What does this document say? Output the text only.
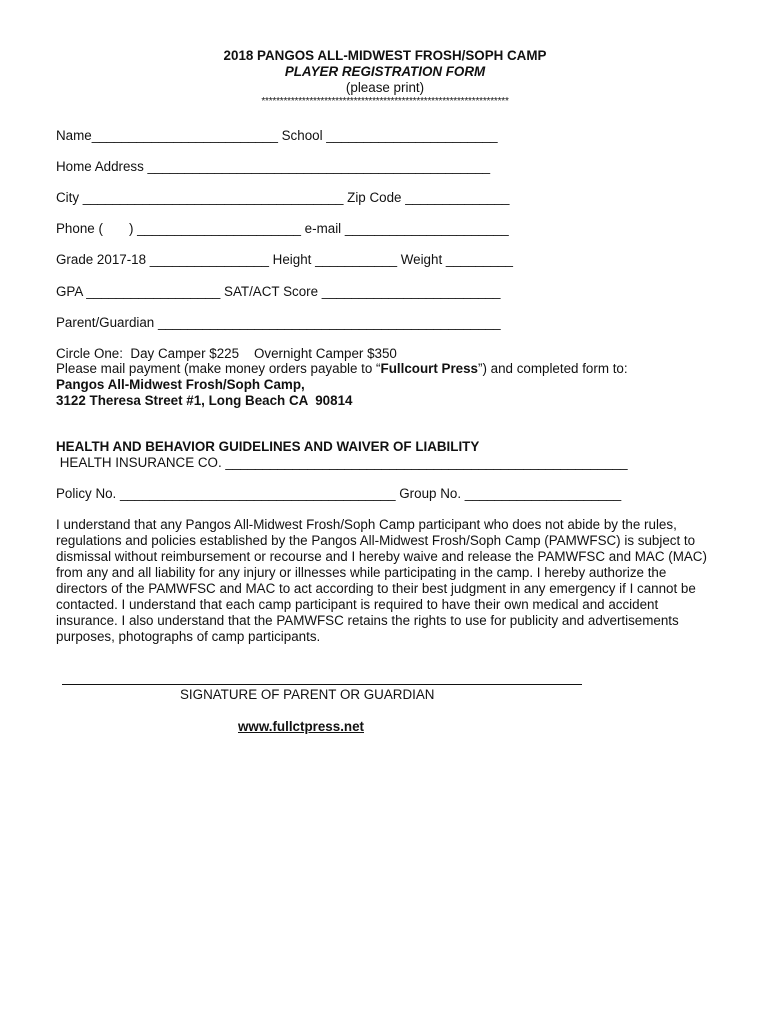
2018 PANGOS ALL-MIDWEST FROSH/SOPH CAMP
PLAYER REGISTRATION FORM
(please print)
*******************************************************************
Name_________________________ School _______________________
Home Address ______________________________________________
City ___________________________________ Zip Code ______________
Phone (       ) ______________________ e-mail ______________________
Grade 2017-18 ________________ Height ___________ Weight _________
GPA __________________ SAT/ACT Score ________________________
Parent/Guardian ______________________________________________
Circle One:  Day Camper $225    Overnight Camper $350
Please mail payment (make money orders payable to “Fullcourt Press”) and completed form to:
Pangos All-Midwest Frosh/Soph Camp,
3122 Theresa Street #1, Long Beach CA  90814
HEALTH AND BEHAVIOR GUIDELINES AND WAIVER OF LIABILITY
HEALTH INSURANCE CO. ______________________________________________________
Policy No. _____________________________________ Group No. _____________________
I understand that any Pangos All-Midwest Frosh/Soph Camp participant who does not abide by the rules, regulations and policies established by the Pangos All-Midwest Frosh/Soph Camp (PAMWFSC) is subject to dismissal without reimbursement or recourse and I hereby waive and release the PAMWFSC and MAC (MAC) from any and all liability for any injury or illnesses while participating in the camp. I hereby authorize the directors of the PAMWFSC and MAC to act according to their best judgment in any emergency if I cannot be contacted. I understand that each camp participant is required to have their own medical and accident insurance. I also understand that the PAMWFSC retains the rights to use for publicity and advertisements purposes, photographs of camp participants.
SIGNATURE OF PARENT OR GUARDIAN
www.fullctpress.net
